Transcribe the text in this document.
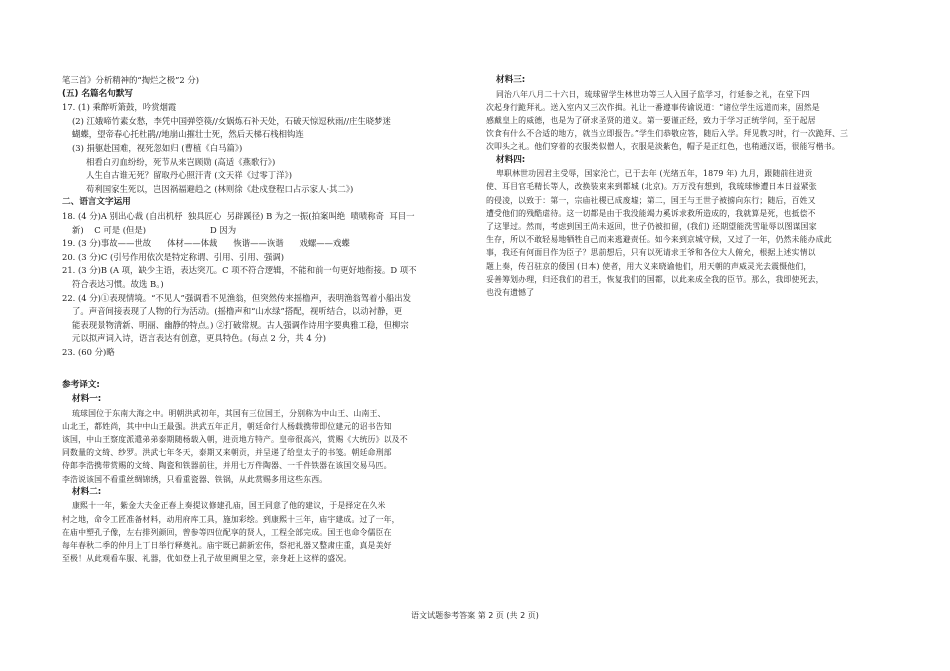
笔三首》分析精神的“掏烂之极”2 分)
(五) 名篇名句默写
17. (1) 乘醉听箫鼓，吟赏烟霞
(2) 江娥啼竹素女愁，李凭中国弹箜篌//女娲炼石补天处，石破天惊逗秋雨//庄生晓梦迷
蝴蝶，望帝春心托杜鹃//地崩山摧壮士死，然后天梯石栈相钩连
(3) 捐躯赴国难，视死忽如归 (曹植《白马篇》)
相看白刃血纷纷，死节从来岂顾勋 (高适《燕歌行》)
人生自古谁无死？留取丹心照汗青 (文天祥《过零丁洋》)
苟利国家生死以，岂因祸福避趋之 (林则徐《赴戍登程口占示家人·其二》)
二、语言文字运用
18. (4 分)A 别出心裁 (自出机杼  独具匠心  另辟蹊径) B 为之一振(拍案叫绝  啧啧称奇  耳目一
新)    C 可是 (但是)                        D 因为
19. (3 分)事故——世故      体材——体裁      恢谐——诙谐      戏螺——戏蝶
20. (3 分)C (引号作用依次是特定称谓、引用、引用、强调)
21. (3 分)B (A 项，缺少主语，表达突兀。C 项不符合逻辑，不能和前一句更好地衔接。D 项不
符合表达习惯。故选 B。)
22. (4 分)①表现情境。“不见人”强调看不见渔翁，但突然传来摇橹声，表明渔翁驾着小船出发
了。声音间接表现了人物的行为活动。(摇橹声和“山水绿”搭配，视听结合，以动衬静，更
能表现景物清新、明丽、幽静的特点。) ②打破常规。古人强调作诗用字要典雅工稳，但柳宗
元以拟声词入诗，语言表达有创意，更具特色。(每点 2 分，共 4 分)
23. (60 分)略
参考译文:
材料一:
琉球国位于东南大海之中。明朝洪武初年，其国有三位国王，分别称为中山王、山南王、
山北王，都姓尚，其中中山王最强。洪武五年正月，朝廷命行人杨载携带即位建元的诏书告知
该国，中山王察度派遣弟弟泰期随杨载入朝，进贡地方特产。皇帝很高兴，赏赐《大统历》以及不
同数量的文绮、纱罗。洪武七年冬天，泰期又来朝贡，并呈递了给皇太子的书笺。朝廷命刑部
侍郎李浩携带赏赐的文绮、陶瓷和铁器前往，并用七万件陶器、一千件铁器在该国交易马匹。
李浩说该国不看重丝绸锦绣，只看重瓷器、铁锅，从此赏赐多用这些东西。
材料二:
康熙十一年，紫金大夫金正春上奏提议修建孔庙，国王同意了他的建议，于是择定在久米
村之地，命令工匠准备材料，动用府库工具，施加彩绘。到康熙十三年，庙宇建成。过了一年，
在庙中塑孔子像，左右排列颜回，曾参等四位配享的贤人，工程全部完成。国王也命令儒臣在
每年春秋二季的仲月上丁日举行释奠礼。庙宇既已薪新宏伟，祭祀礼器又整肃庄重，真是美好
至极！从此观看车服、礼器，优如登上孔子故里阙里之堂，亲身赶上这样的盛况。
材料三:
同治八年八月二十六日，琉球留学生林世功等三人入国子监学习，行延参之礼，在堂下四
次起身行跪拜礼。送入室内又三次作揖。礼让一番遵事传谕说道：“诸位学生远道而来，固然是
感戴皇上的威德，也是为了研求圣贤的道义。第一要谨正经，致力于学习正统学问，至于起居
饮食有什么不合适的地方，就当立即报告。”学生们恭敬应答，随后入学。拜见教习时，行一次跪拜、三
次叩头之礼。他们穿着的衣服类似僧人，衣服是淡紫色，帽子是正红色，也稍通汉语，很能写楷书。
材料四:
卑职林世功因君主受辱，国家沦亡，已于去年 (光绪五年，1879 年) 九月，跟随前往进贡
使、耳目官毛精长等人，改换装束来到都城 (北京)。万万没有想到，我琉球惨遭日本日益紧张
的侵凌，以致于：第一，宗庙社稷已成废墟；第二，国王与王世子被掳向东行；随后，百姓又
遭受他们的残酷虐待。这一切都是由于我没能竭力奚诉求救所造成的，我就算是死，也抵偿不
了这罪过。然而，考虑到国王尚未返回，世子仍被扣留，(我们) 还期望能洗雪耻辱以图谋国家
生存，所以不敢轻易地牺牲自己而来逃避责任。如今来到京城守候，又过了一年，仍然未能办成此
事，我还有何面目作为臣子？思前想后，只有以死请求王爷和各位大人俯允，根据上述实情以
题上奏，传召驻京的倭国 (日本) 使者，用大义来晓谕他们，用天朝的声威灵光去震慑他们，
妥善筹划办理，归还我们的君王，恢复我们的国都，以此来成全我的臣节。那么，我即使死去，
也没有遗憾了
语文试题参考答案 第 2 页 (共 2 页)
